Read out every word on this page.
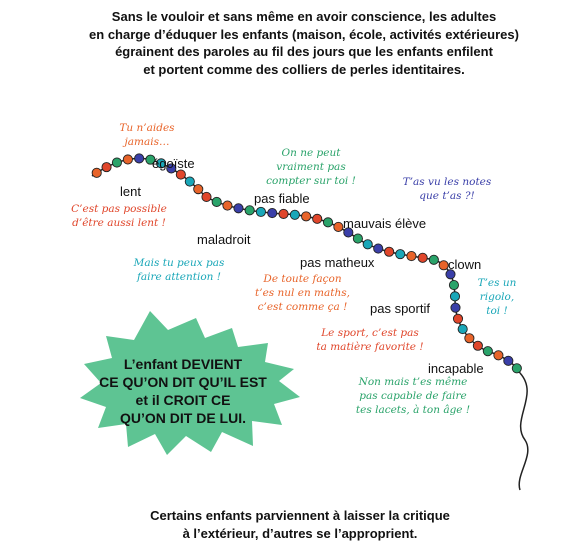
Sans le vouloir et sans même en avoir conscience, les adultes
en charge d’éduquer les enfants (maison, école, activités extérieures)
égrainent des paroles au fil des jours que les enfants enfilent
et portent comme des colliers de perles identitaires.
égoïste
lent	pas fiable
maladroit
mauvais élève
pas matheux	clown
pas sportif
incapable
Tu n’aides
jamais…
On ne peut
vraiment pas
compter sur toi !	T’as vu les notes
que t’as ?!
C’est pas possible
d’être aussi lent !
Mais tu peux pas
faire attention !	De toute façon
t’es nul en maths,
c’est comme ça !
T’es un
rigolo,
toi !
Le sport, c’est pas
ta matière favorite !
Non mais t’es même
pas capable de faire
tes lacets, à ton âge !
L’enfant DEVIENT
CE QU’ON DIT QU’IL EST
et il CROIT CE
QU’ON DIT DE LUI.
Certains enfants parviennent à laisser la critique
à l’extérieur, d’autres se l’approprient.
